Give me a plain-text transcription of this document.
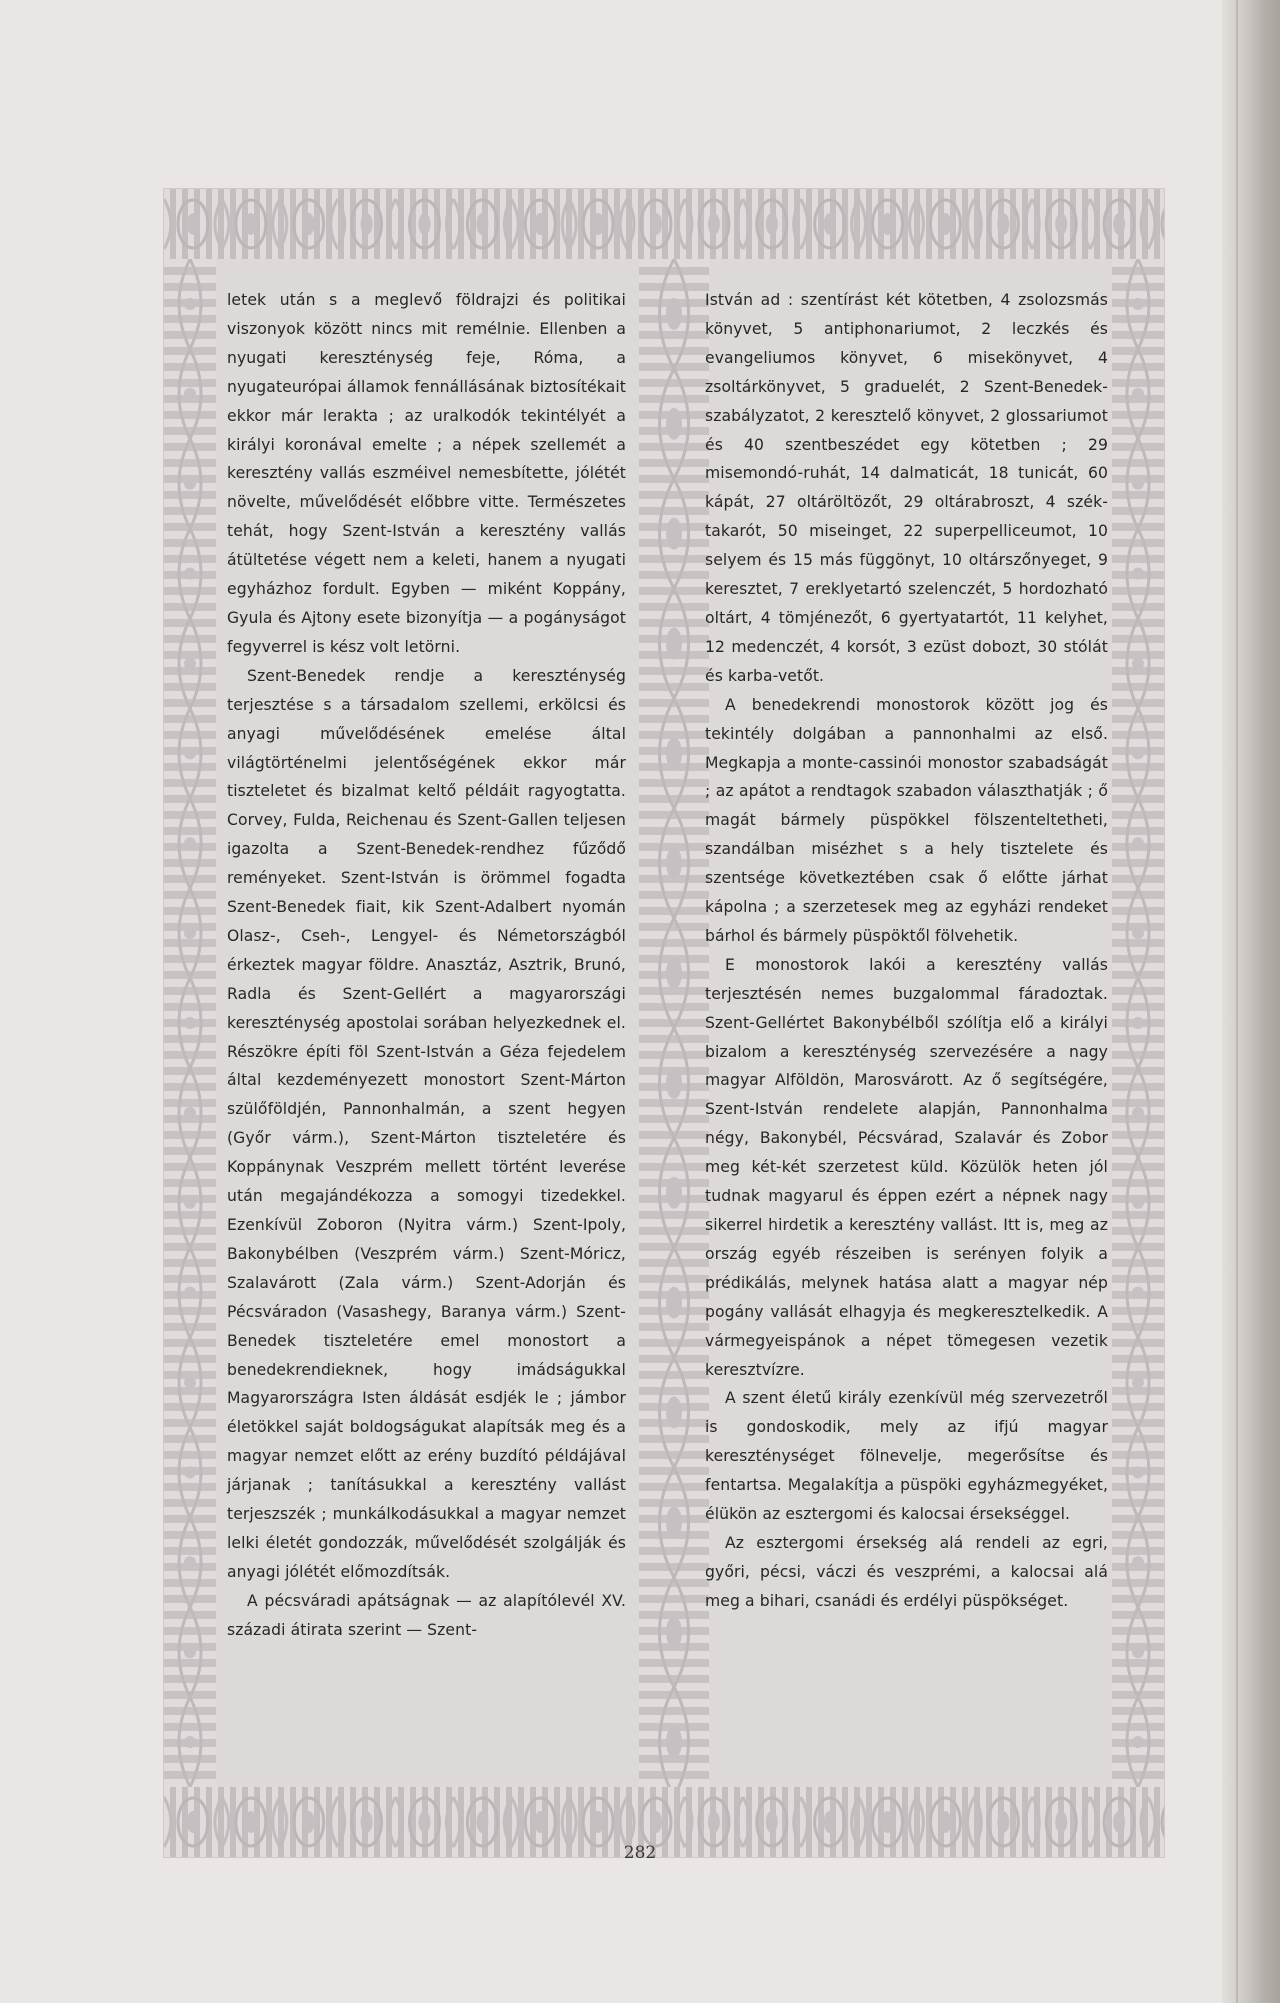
letek után s a meglevő földrajzi és politikai viszonyok között nincs mit remélnie. Ellenben a nyugati kereszténység feje, Róma, a nyugateurópai államok fennállásának biztosítékait ekkor már lerakta ; az uralkodók tekintélyét a királyi koronával emelte ; a népek szellemét a keresztény vallás eszméivel nemesbítette, jólétét növelte, művelődését előbbre vitte. Természetes tehát, hogy Szent-István a keresztény vallás átültetése végett nem a keleti, hanem a nyugati egyházhoz fordult. Egyben — miként Koppány, Gyula és Ajtony esete bizonyítja — a pogányságot fegyverrel is kész volt letörni.

Szent-Benedek rendje a kereszténység terjesztése s a társadalom szellemi, erkölcsi és anyagi művelődésének emelése által világtörténelmi jelentőségének ekkor már tiszteletet és bizalmat keltő példáit ragyogtatta. Corvey, Fulda, Reichenau és Szent-Gallen teljesen igazolta a Szent-Benedek-rendhez fűződő reményeket. Szent-István is örömmel fogadta Szent-Benedek fiait, kik Szent-Adalbert nyomán Olasz-, Cseh-, Lengyel- és Németországból érkeztek magyar földre. Anasztáz, Asztrik, Brunó, Radla és Szent-Gellért a magyarországi kereszténység apostolai sorában helyezkednek el. Részökre építi föl Szent-István a Géza fejedelem által kezdeményezett monostort Szent-Márton szülőföldjén, Pannonhalmán, a szent hegyen (Győr várm.), Szent-Márton tiszteletére és Koppánynak Veszprém mellett történt leverése után megajándékozza a somogyi tizedekkel. Ezenkívül Zoboron (Nyitra várm.) Szent-Ipoly, Bakonybélben (Veszprém várm.) Szent-Móricz, Szalavárott (Zala várm.) Szent-Adorján és Pécsváradon (Vasashegy, Baranya várm.) Szent-Benedek tiszteletére emel monostort a benedekrendieknek, hogy imádságukkal Magyarországra Isten áldását esdjék le ; jámbor életökkel saját boldogságukat alapítsák meg és a magyar nemzet előtt az erény buzdító példájával járjanak ; tanításukkal a keresztény vallást terjeszszék ; munkálkodásukkal a magyar nemzet lelki életét gondozzák, művelődését szolgálják és anyagi jólétét előmozdítsák.

A pécsváradi apátságnak — az alapítólevél XV. századi átirata szerint — Szent-

István ad : szentírást két kötetben, 4 zsolozsmás könyvet, 5 antiphonariumot, 2 leczkés és evangeliumos könyvet, 6 misekönyvet, 4 zsoltárkönyvet, 5 graduelét, 2 Szent-Benedek-szabályzatot, 2 keresztelő könyvet, 2 glossariumot és 40 szentbeszédet egy kötetben ; 29 misemondó-ruhát, 14 dalmaticát, 18 tunicát, 60 kápát, 27 oltáröltözőt, 29 oltárabroszt, 4 szék-takarót, 50 miseinget, 22 superpelliceumot, 10 selyem és 15 más függönyt, 10 oltárszőnyeget, 9 keresztet, 7 ereklyetartó szelenczét, 5 hordozható oltárt, 4 tömjénezőt, 6 gyertyatartót, 11 kelyhet, 12 medenczét, 4 korsót, 3 ezüst dobozt, 30 stólát és karba-vetőt.

A benedekrendi monostorok között jog és tekintély dolgában a pannonhalmi az első. Megkapja a monte-cassinói monostor szabadságát ; az apátot a rendtagok szabadon választhatják ; ő magát bármely püspökkel fölszenteltetheti, szandálban misézhet s a hely tisztelete és szentsége következtében csak ő előtte járhat kápolna ; a szerzetesek meg az egyházi rendeket bárhol és bármely püspöktől fölvehetik.

E monostorok lakói a keresztény vallás terjesztésén nemes buzgalommal fáradoztak. Szent-Gellértet Bakonybélből szólítja elő a királyi bizalom a kereszténység szervezésére a nagy magyar Alföldön, Marosvárott. Az ő segítségére, Szent-István rendelete alapján, Pannonhalma négy, Bakonybél, Pécsvárad, Szalavár és Zobor meg két-két szerzetest küld. Közülök heten jól tudnak magyarul és éppen ezért a népnek nagy sikerrel hirdetik a keresztény vallást. Itt is, meg az ország egyéb részeiben is serényen folyik a prédikálás, melynek hatása alatt a magyar nép pogány vallását elhagyja és megkeresztelkedik. A vármegyeispánok a népet tömegesen vezetik keresztvízre.

A szent életű király ezenkívül még szervezetről is gondoskodik, mely az ifjú magyar kereszténységet fölnevelje, megerősítse és fentartsa. Megalakítja a püspöki egyházmegyéket, élükön az esztergomi és kalocsai érsekséggel.

Az esztergomi érsekség alá rendeli az egri, győri, pécsi, váczi és veszprémi, a kalocsai alá meg a bihari, csanádi és erdélyi püspökséget.

282
